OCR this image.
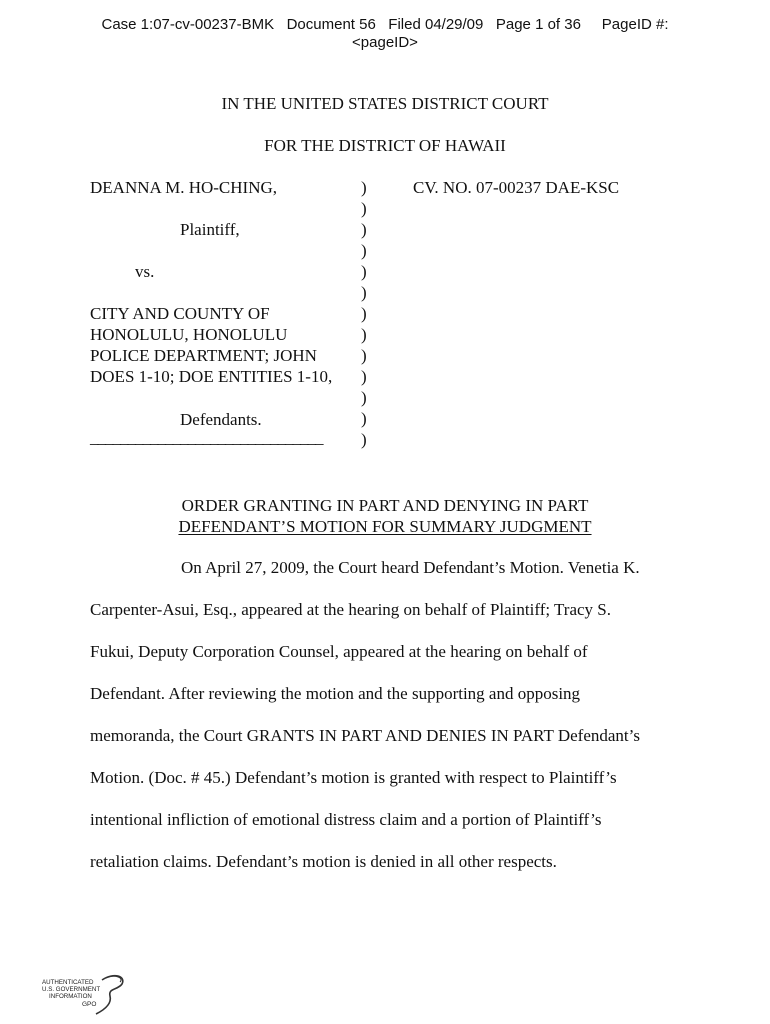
Case 1:07-cv-00237-BMK   Document 56   Filed 04/29/09   Page 1 of 36     PageID #:
<pageID>
IN THE UNITED STATES DISTRICT COURT
FOR THE DISTRICT OF HAWAII
DEANNA M. HO-CHING,
Plaintiff,
vs.
CITY AND COUNTY OF
HONOLULU, HONOLULU
POLICE DEPARTMENT; JOHN
DOES 1-10; DOE ENTITIES 1-10,
Defendants.
_______________________________
)
)
)
)
)
)
)
)
)
)
)
)
)
CV. NO. 07-00237 DAE-KSC
ORDER GRANTING IN PART AND DENYING IN PART
DEFENDANT’S MOTION FOR SUMMARY JUDGMENT
On April 27, 2009, the Court heard Defendant’s Motion. Venetia K.
Carpenter-Asui, Esq., appeared at the hearing on behalf of Plaintiff; Tracy S.
Fukui, Deputy Corporation Counsel, appeared at the hearing on behalf of
Defendant. After reviewing the motion and the supporting and opposing
memoranda, the Court GRANTS IN PART AND DENIES IN PART Defendant’s
Motion. (Doc. # 45.) Defendant’s motion is granted with respect to Plaintiff’s
intentional infliction of emotional distress claim and a portion of Plaintiff’s
retaliation claims. Defendant’s motion is denied in all other respects.
AUTHENTICATED
U.S. GOVERNMENT
INFORMATION
GPO
